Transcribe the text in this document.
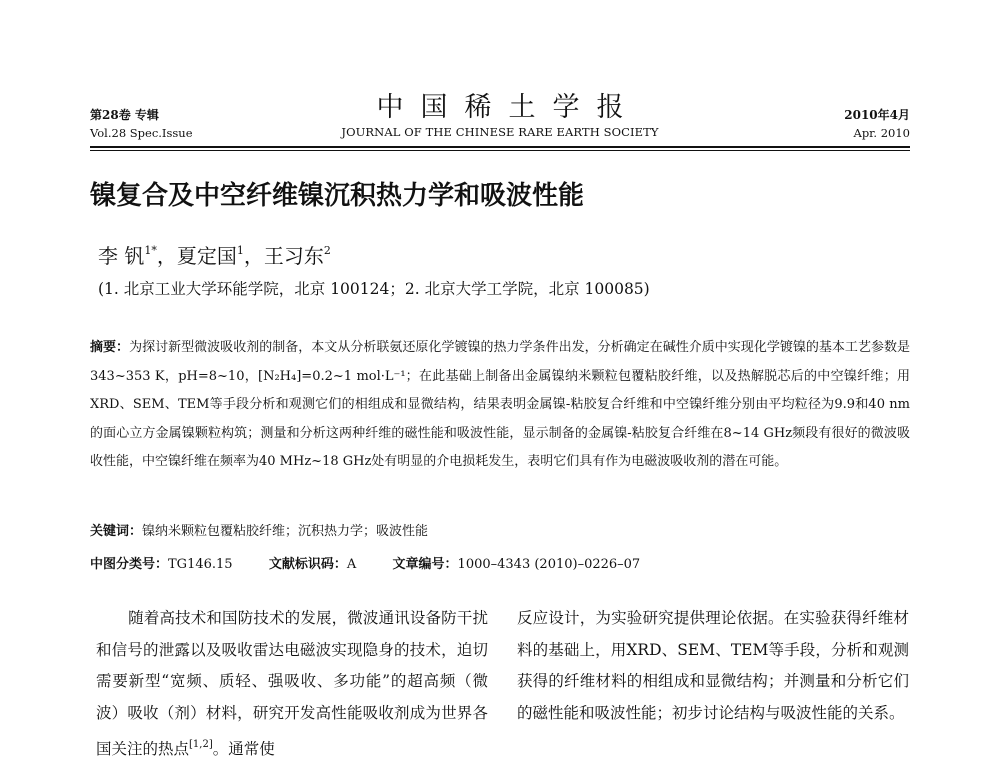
第28卷 专辑
Vol.28 Spec.Issue
中国稀土学报
JOURNAL OF THE CHINESE RARE EARTH SOCIETY
2010年4月
Apr. 2010
镍复合及中空纤维镍沉积热力学和吸波性能
李 钒$^{1*}$，夏定国$^1$，王习东$^2$
(1. 北京工业大学环能学院，北京 100124；2. 北京大学工学院，北京 100085)
摘要：为探讨新型微波吸收剂的制备，本文从分析联氨还原化学镀镍的热力学条件出发，分析确定在碱性介质中实现化学镀镍的基本工艺参数是343~353 K，pH=8~10，[N₂H₄]=0.2~1 mol·L⁻¹；在此基础上制备出金属镍纳米颗粒包覆粘胶纤维，以及热解脱芯后的中空镍纤维；用XRD、SEM、TEM等手段分析和观测它们的相组成和显微结构，结果表明金属镍-粘胶复合纤维和中空镍纤维分别由平均粒径为9.9和40 nm的面心立方金属镍颗粒构筑；测量和分析这两种纤维的磁性能和吸波性能，显示制备的金属镍-粘胶复合纤维在8~14 GHz频段有很好的微波吸收性能，中空镍纤维在频率为40 MHz~18 GHz处有明显的介电损耗发生，表明它们具有作为电磁波吸收剂的潜在可能。
关键词：镍纳米颗粒包覆粘胶纤维；沉积热力学；吸波性能
中图分类号：TG146.15	文献标识码：A	文章编号：1000–4343 (2010)–0226–07
随着高技术和国防技术的发展，微波通讯设备防干扰和信号的泄露以及吸收雷达电磁波实现隐身的技术，迫切需要新型“宽频、质轻、强吸收、多功能”的超高频（微波）吸收（剂）材料，研究开发高性能吸收剂成为世界各国关注的热点[1,2]。通常使
反应设计，为实验研究提供理论依据。在实验获得纤维材料的基础上，用XRD、SEM、TEM等手段，分析和观测获得的纤维材料的相组成和显微结构；并测量和分析它们的磁性能和吸波性能；初步讨论结构与吸波性能的关系。
